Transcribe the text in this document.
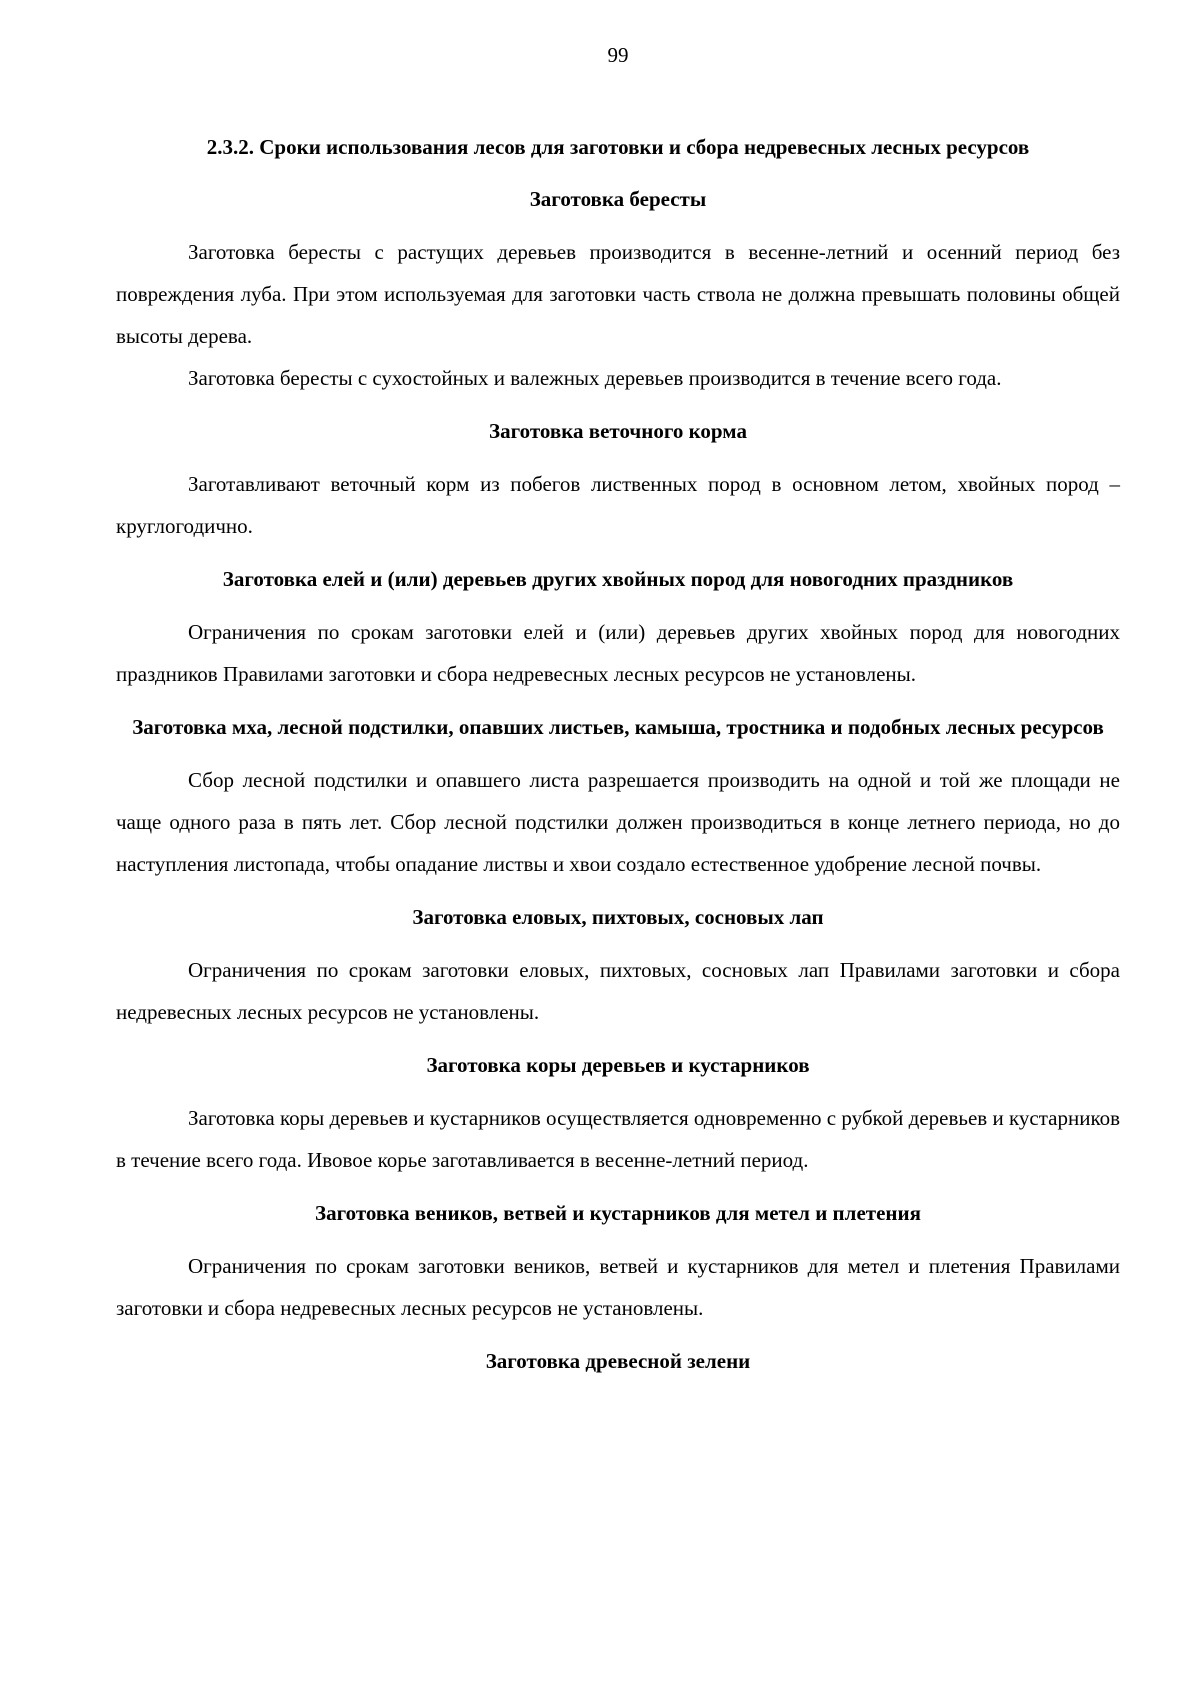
99
2.3.2. Сроки использования лесов для заготовки и сбора недревесных лесных ресурсов
Заготовка бересты

Заготовка бересты с растущих деревьев производится в весенне-летний и осенний период без повреждения луба. При этом используемая для заготовки часть ствола не должна превышать половины общей высоты дерева.

Заготовка бересты с сухостойных и валежных деревьев производится в течение всего года.

Заготовка веточного корма

Заготавливают веточный корм из побегов лиственных пород в основном летом, хвойных пород – круглогодично.

Заготовка елей и (или) деревьев других хвойных пород для новогодних праздников

Ограничения по срокам заготовки елей и (или) деревьев других хвойных пород для новогодних праздников Правилами заготовки и сбора недревесных лесных ресурсов не установлены.

Заготовка мха, лесной подстилки, опавших листьев, камыша, тростника и подобных лесных ресурсов

Сбор лесной подстилки и опавшего листа разрешается производить на одной и той же площади не чаще одного раза в пять лет. Сбор лесной подстилки должен производиться в конце летнего периода, но до наступления листопада, чтобы опадание листвы и хвои создало естественное удобрение лесной почвы.

Заготовка еловых, пихтовых, сосновых лап

Ограничения по срокам заготовки еловых, пихтовых, сосновых лап Правилами заготовки и сбора недревесных лесных ресурсов не установлены.

Заготовка коры деревьев и кустарников

Заготовка коры деревьев и кустарников осуществляется одновременно с рубкой деревьев и кустарников в течение всего года. Ивовое корье заготавливается в весенне-летний период.

Заготовка веников, ветвей и кустарников для метел и плетения

Ограничения по срокам заготовки веников, ветвей и кустарников для метел и плетения Правилами заготовки и сбора недревесных лесных ресурсов не установлены.

Заготовка древесной зелени
